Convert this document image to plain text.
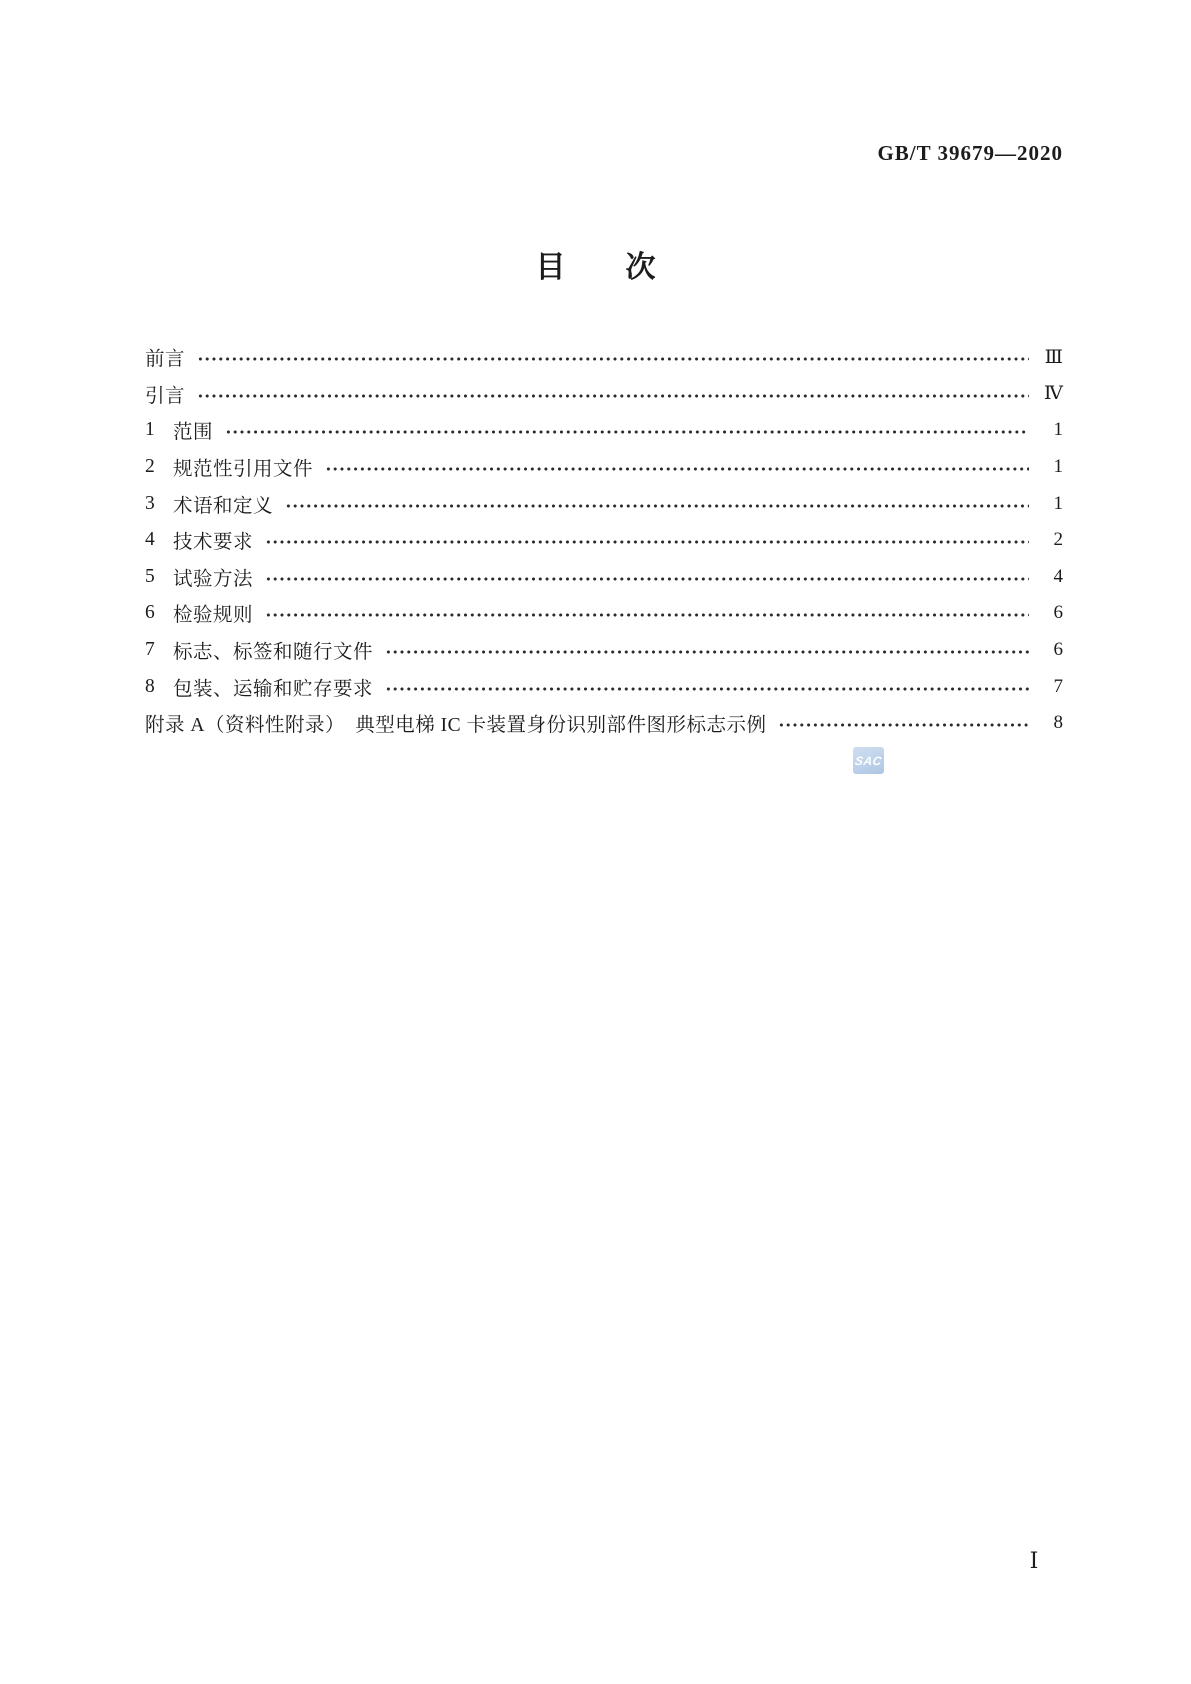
GB/T 39679—2020
目　　次
前言	Ⅲ
引言	Ⅳ
1 范围	1
2 规范性引用文件	1
3 术语和定义	1
4 技术要求	2
5 试验方法	4
6 检验规则	6
7 标志、标签和随行文件	6
8 包装、运输和贮存要求	7
附录 A（资料性附录）　典型电梯 IC 卡装置身份识别部件图形标志示例	8
SAC
Ⅰ
